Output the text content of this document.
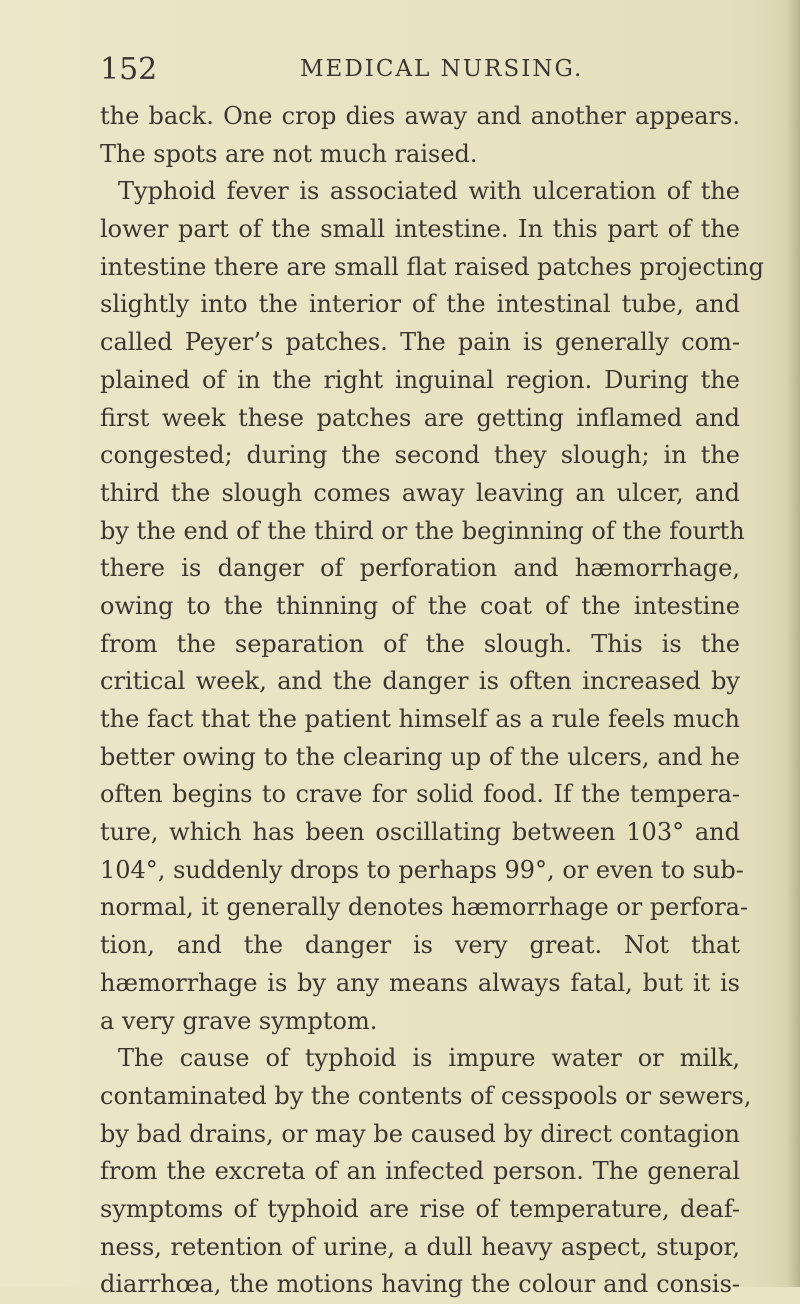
152	MEDICAL NURSING.
the back. One crop dies away and another appears.
The spots are not much raised.
Typhoid fever is associated with ulceration of the
lower part of the small intestine. In this part of the
intestine there are small flat raised patches projecting
slightly into the interior of the intestinal tube, and
called Peyer’s patches. The pain is generally com-
plained of in the right inguinal region. During the
first week these patches are getting inflamed and
congested; during the second they slough; in the
third the slough comes away leaving an ulcer, and
by the end of the third or the beginning of the fourth
there is danger of perforation and hæmorrhage,
owing to the thinning of the coat of the intestine
from the separation of the slough. This is the
critical week, and the danger is often increased by
the fact that the patient himself as a rule feels much
better owing to the clearing up of the ulcers, and he
often begins to crave for solid food. If the tempera-
ture, which has been oscillating between 103° and
104°, suddenly drops to perhaps 99°, or even to sub-
normal, it generally denotes hæmorrhage or perfora-
tion, and the danger is very great. Not that
hæmorrhage is by any means always fatal, but it is
a very grave symptom.
The cause of typhoid is impure water or milk,
contaminated by the contents of cesspools or sewers,
by bad drains, or may be caused by direct contagion
from the excreta of an infected person. The general
symptoms of typhoid are rise of temperature, deaf-
ness, retention of urine, a dull heavy aspect, stupor,
diarrhœa, the motions having the colour and consis-
